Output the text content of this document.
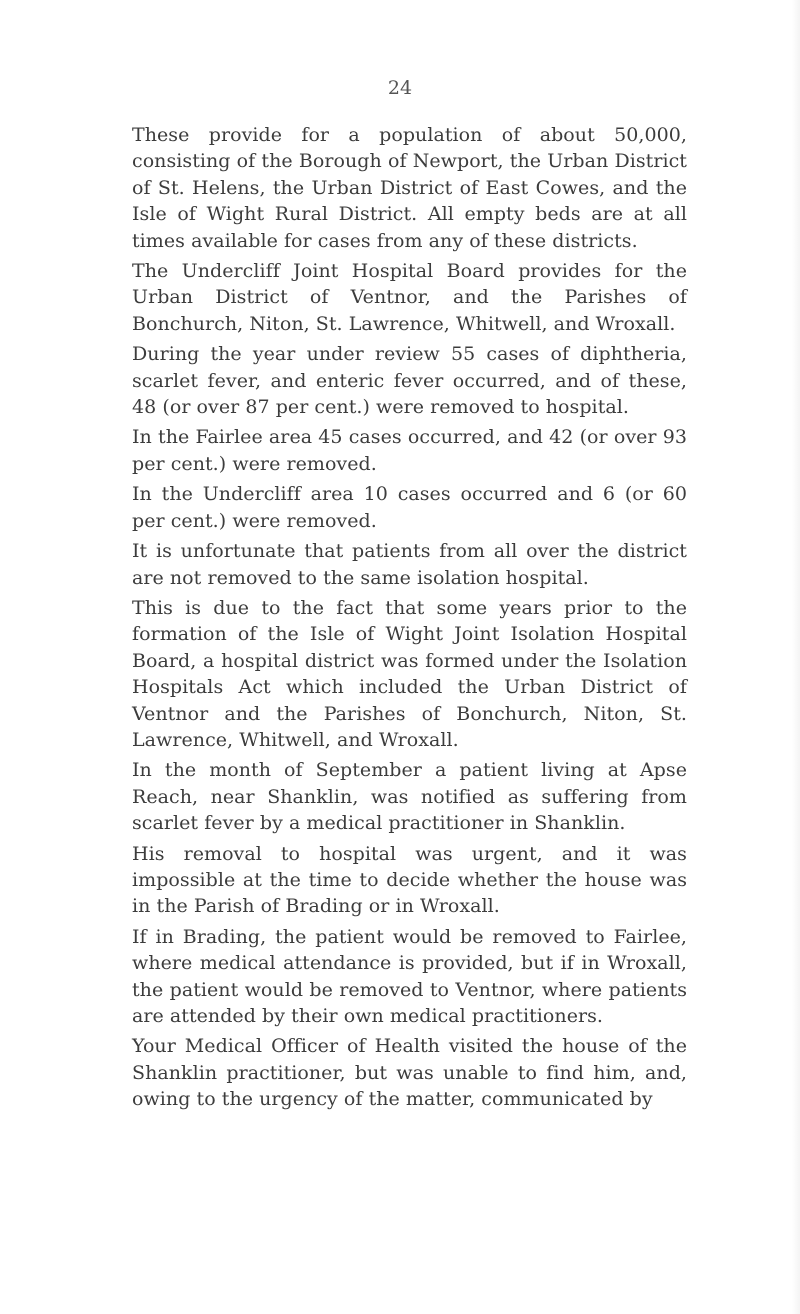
24

These provide for a population of about 50,000, consisting of the Borough of Newport, the Urban District of St. Helens, the Urban District of East Cowes, and the Isle of Wight Rural District. All empty beds are at all times available for cases from any of these districts.

The Undercliff Joint Hospital Board provides for the Urban District of Ventnor, and the Parishes of Bonchurch, Niton, St. Lawrence, Whitwell, and Wroxall.

During the year under review 55 cases of diphtheria, scarlet fever, and enteric fever occurred, and of these, 48 (or over 87 per cent.) were removed to hospital.

In the Fairlee area 45 cases occurred, and 42 (or over 93 per cent.) were removed.

In the Undercliff area 10 cases occurred and 6 (or 60 per cent.) were removed.

It is unfortunate that patients from all over the district are not removed to the same isolation hospital.

This is due to the fact that some years prior to the formation of the Isle of Wight Joint Isolation Hospital Board, a hospital district was formed under the Isolation Hospitals Act which included the Urban District of Ventnor and the Parishes of Bonchurch, Niton, St. Lawrence, Whitwell, and Wroxall.

In the month of September a patient living at Apse Reach, near Shanklin, was notified as suffering from scarlet fever by a medical practitioner in Shanklin.

His removal to hospital was urgent, and it was impossible at the time to decide whether the house was in the Parish of Brading or in Wroxall.

If in Brading, the patient would be removed to Fairlee, where medical attendance is provided, but if in Wroxall, the patient would be removed to Ventnor, where patients are attended by their own medical practitioners.

Your Medical Officer of Health visited the house of the Shanklin practitioner, but was unable to find him, and, owing to the urgency of the matter, communicated by
